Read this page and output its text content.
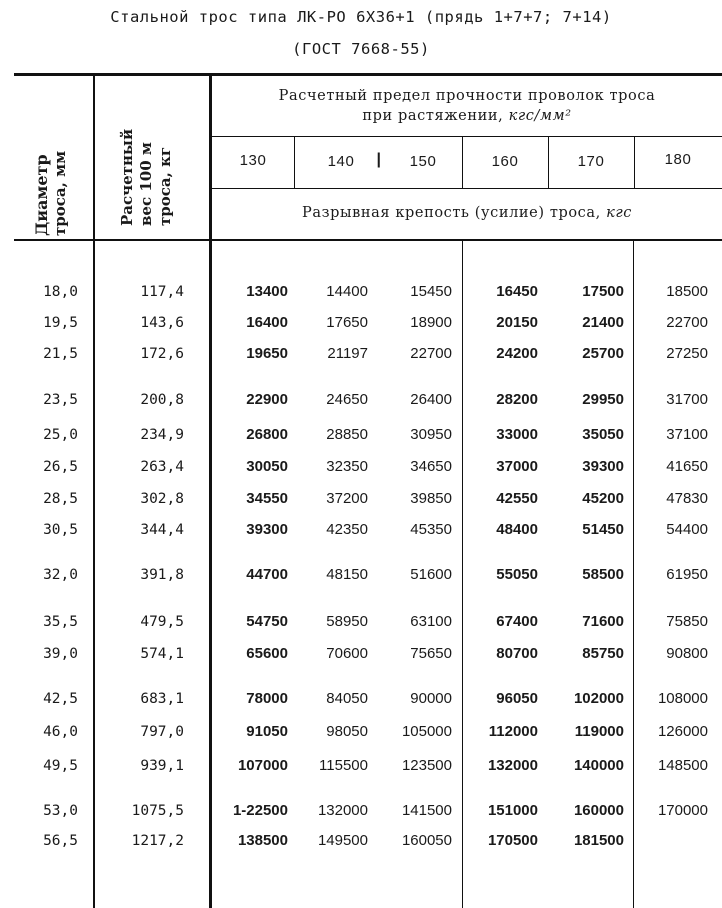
Стальной трос типа ЛК-РО 6Х36+1 (прядь 1+7+7; 7+14)
(ГОСТ 7668-55)
Диаметр троса, мм	Расчетный вес 100 м троса, кг
Расчетный предел прочности проволок троса
при растяжении, кгс/мм²
130	140	|	150	160	170	180
Разрывная крепость (усилие) троса, кгс
18,0	117,4	13400	14400	15450	16450	17500	18500
19,5	143,6	16400	17650	18900	20150	21400	22700
21,5	172,6	19650	21197	22700	24200	25700	27250
23,5	200,8	22900	24650	26400	28200	29950	31700
25,0	234,9	26800	28850	30950	33000	35050	37100
26,5	263,4	30050	32350	34650	37000	39300	41650
28,5	302,8	34550	37200	39850	42550	45200	47830
30,5	344,4	39300	42350	45350	48400	51450	54400
32,0	391,8	44700	48150	51600	55050	58500	61950
35,5	479,5	54750	58950	63100	67400	71600	75850
39,0	574,1	65600	70600	75650	80700	85750	90800
42,5	683,1	78000	84050	90000	96050	102000	108000
46,0	797,0	91050	98050	105000	112000	119000	126000
49,5	939,1	107000	115500	123500	132000	140000	148500
53,0	1075,5	1-22500	132000	141500	151000	160000	170000
56,5	1217,2	138500	149500	160050	170500	181500
